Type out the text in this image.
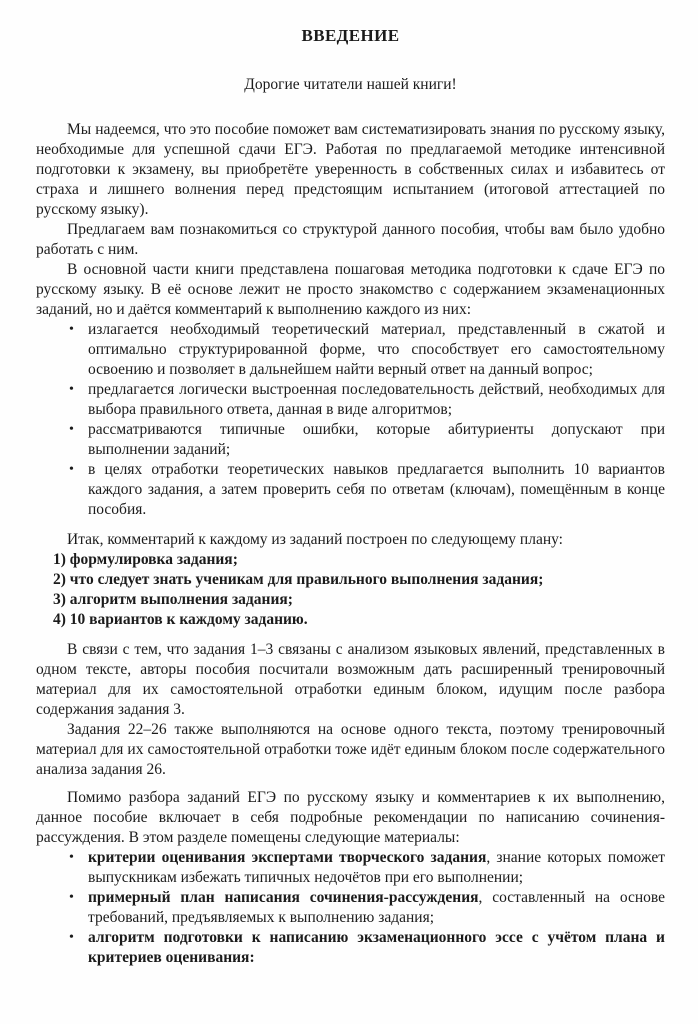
ВВЕДЕНИЕ

Дорогие читатели нашей книги!

Мы надеемся, что это пособие поможет вам систематизировать знания по русскому языку, необходимые для успешной сдачи ЕГЭ. Работая по предлагаемой методике интенсивной подготовки к экзамену, вы приобретёте уверенность в собственных силах и избавитесь от страха и лишнего волнения перед предстоящим испытанием (итоговой аттестацией по русскому языку).

Предлагаем вам познакомиться со структурой данного пособия, чтобы вам было удобно работать с ним.

В основной части книги представлена пошаговая методика подготовки к сдаче ЕГЭ по русскому языку. В её основе лежит не просто знакомство с содержанием экзаменационных заданий, но и даётся комментарий к выполнению каждого из них:

• излагается необходимый теоретический материал, представленный в сжатой и оптимально структурированной форме, что способствует его самостоятельному освоению и позволяет в дальнейшем найти верный ответ на данный вопрос;
• предлагается логически выстроенная последовательность действий, необходимых для выбора правильного ответа, данная в виде алгоритмов;
• рассматриваются типичные ошибки, которые абитуриенты допускают при выполнении заданий;
• в целях отработки теоретических навыков предлагается выполнить 10 вариантов каждого задания, а затем проверить себя по ответам (ключам), помещённым в конце пособия.

Итак, комментарий к каждому из заданий построен по следующему плану:

1) формулировка задания;

2) что следует знать ученикам для правильного выполнения задания;

3) алгоритм выполнения задания;

4) 10 вариантов к каждому заданию.

В связи с тем, что задания 1–3 связаны с анализом языковых явлений, представленных в одном тексте, авторы пособия посчитали возможным дать расширенный тренировочный материал для их самостоятельной отработки единым блоком, идущим после разбора содержания задания 3.

Задания 22–26 также выполняются на основе одного текста, поэтому тренировочный материал для их самостоятельной отработки тоже идёт единым блоком после содержательного анализа задания 26.

Помимо разбора заданий ЕГЭ по русскому языку и комментариев к их выполнению, данное пособие включает в себя подробные рекомендации по написанию сочинения-рассуждения. В этом разделе помещены следующие материалы:

• критерии оценивания экспертами творческого задания, знание которых поможет выпускникам избежать типичных недочётов при его выполнении;
• примерный план написания сочинения-рассуждения, составленный на основе требований, предъявляемых к выполнению задания;
• алгоритм подготовки к написанию экзаменационного эссе с учётом плана и критериев оценивания:
